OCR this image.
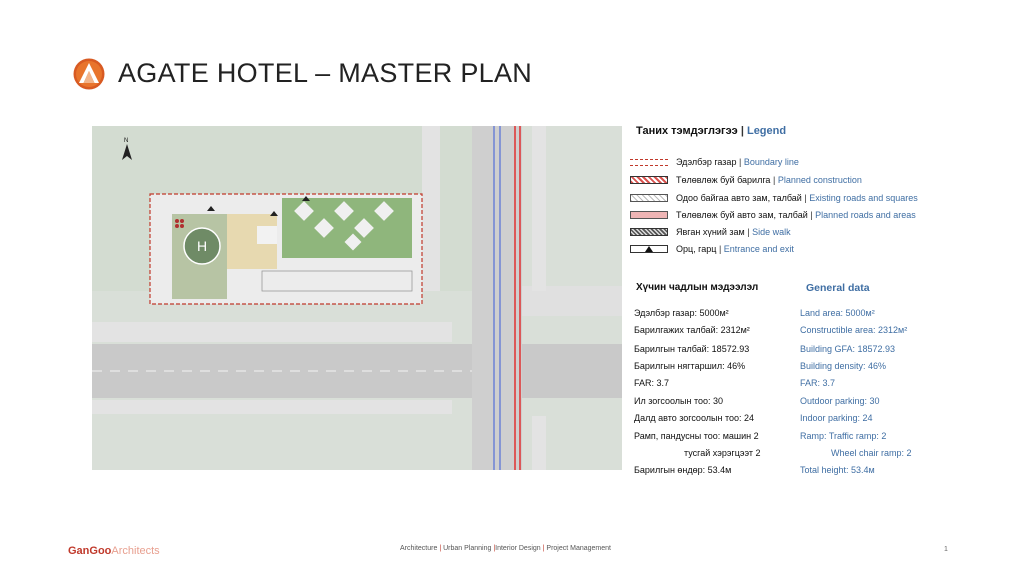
AGATE HOTEL – MASTER PLAN
H
N
Таних тэмдэглэгээ | Legend
Эдэлбэр газар
|
Boundary line
Төлөвлөж буй барилга
|
Planned construction
Одоо байгаа авто зам, талбай
|
Existing roads and squares
Төлөвлөж буй авто зам, талбай
|
Planned roads and areas
Явган хүний зам
|
Side walk
Орц, гарц
|
Entrance and exit
Хүчин чадлын мэдээлэл	General data
Эдэлбэр газар: 5000м²	Land area: 5000м²
Барилгажих талбай: 2312м²	Constructible area: 2312м²
Барилгын талбай: 18572.93	Building GFA: 18572.93
Барилгын нягтаршил: 46%	Building density: 46%
FAR: 3.7	FAR: 3.7
Ил зогсоолын тоо: 30	Outdoor parking: 30
Далд авто зогсоолын тоо: 24	Indoor parking: 24
Рамп, пандусны тоо: машин 2	Ramp: Traffic ramp: 2
тусгай хэрэгцээт 2	Wheel chair ramp: 2
Барилгын өндөр: 53.4м	Total height: 53.4м
GanGooArchitects	Architecture | Urban Planning |Interior Design | Project Management	1
